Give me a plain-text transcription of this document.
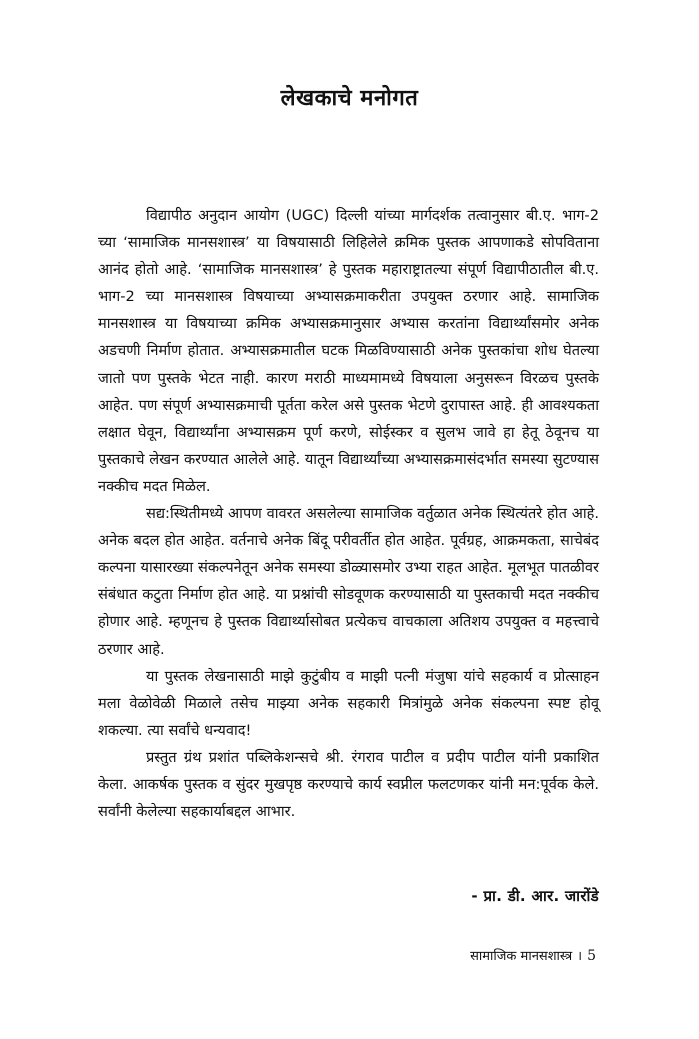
लेखकाचे मनोगत

विद्यापीठ अनुदान आयोग (UGC) दिल्ली यांच्या मार्गदर्शक तत्वानुसार बी.ए. भाग-2 च्या ‘सामाजिक मानसशास्त्र’ या विषयासाठी लिहिलेले क्रमिक पुस्तक आपणाकडे सोपविताना आनंद होतो आहे. ‘सामाजिक मानसशास्त्र’ हे पुस्तक महाराष्ट्रातल्या संपूर्ण विद्यापीठातील बी.ए. भाग-2 च्या मानसशास्त्र विषयाच्या अभ्यासक्रमाकरीता उपयुक्त ठरणार आहे. सामाजिक मानसशास्त्र या विषयाच्या क्रमिक अभ्यासक्रमानुसार अभ्यास करतांना विद्यार्थ्यांसमोर अनेक अडचणी निर्माण होतात. अभ्यासक्रमातील घटक मिळविण्यासाठी अनेक पुस्तकांचा शोध घेतल्या जातो पण पुस्तके भेटत नाही. कारण मराठी माध्यमामध्ये विषयाला अनुसरून विरळच पुस्तके आहेत. पण संपूर्ण अभ्यासक्रमाची पूर्तता करेल असे पुस्तक भेटणे दुरापास्त आहे. ही आवश्यकता लक्षात घेवून, विद्यार्थ्यांना अभ्यासक्रम पूर्ण करणे, सोईस्कर व सुलभ जावे हा हेतू ठेवूनच या पुस्तकाचे लेखन करण्यात आलेले आहे. यातून विद्यार्थ्यांच्या अभ्यासक्रमासंदर्भात समस्या सुटण्यास नक्कीच मदत मिळेल.

सद्य:स्थितीमध्ये आपण वावरत असलेल्या सामाजिक वर्तुळात अनेक स्थित्यंतरे होत आहे. अनेक बदल होत आहेत. वर्तनाचे अनेक बिंदू परीवर्तीत होत आहेत. पूर्वग्रह, आक्रमकता, साचेबंद कल्पना यासारख्या संकल्पनेतून अनेक समस्या डोळ्यासमोर उभ्या राहत आहेत. मूलभूत पातळीवर संबंधात कटुता निर्माण होत आहे. या प्रश्नांची सोडवूणक करण्यासाठी या पुस्तकाची मदत नक्कीच होणार आहे. म्हणूनच हे पुस्तक विद्यार्थ्यासोबत प्रत्येकच वाचकाला अतिशय उपयुक्त व महत्त्वाचे ठरणार आहे.

या पुस्तक लेखनासाठी माझे कुटुंबीय व माझी पत्नी मंजुषा यांचे सहकार्य व प्रोत्साहन मला वेळोवेळी मिळाले तसेच माझ्या अनेक सहकारी मित्रांमुळे अनेक संकल्पना स्पष्ट होवू शकल्या. त्या सर्वांचे धन्यवाद!

प्रस्तुत ग्रंथ प्रशांत पब्लिकेशन्सचे श्री. रंगराव पाटील व प्रदीप पाटील यांनी प्रकाशित केला. आकर्षक पुस्तक व सुंदर मुखपृष्ठ करण्याचे कार्य स्वप्नील फलटणकर यांनी मन:पूर्वक केले. सर्वांनी केलेल्या सहकार्याबद्दल आभार.

- प्रा. डी. आर. जारोंडे
सामाजिक मानसशास्त्र । 5
